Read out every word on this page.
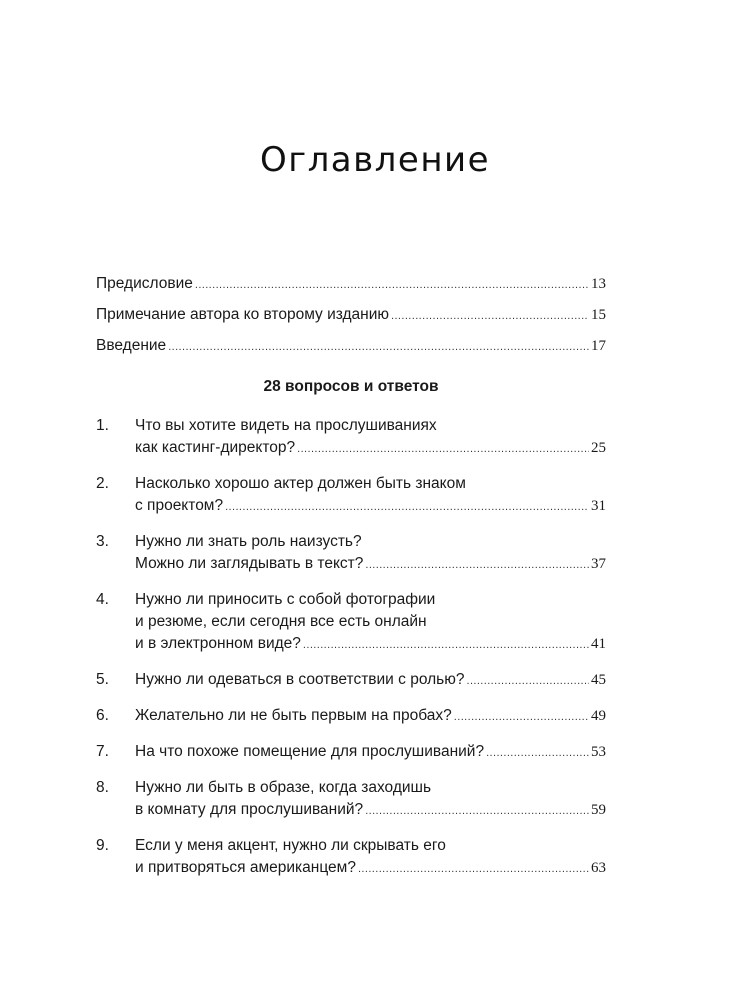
Оглавление
Предисловие .....	13
Примечание автора ко второму изданию .....	15
Введение .....	17
28 вопросов и ответов
1.	Что вы хотите видеть на прослушиваниях
как кастинг-директор? .....	25
2.	Насколько хорошо актер должен быть знаком
с проектом? .....	31
3.	Нужно ли знать роль наизусть?
Можно ли заглядывать в текст? .....	37
4.	Нужно ли приносить с собой фотографии
и резюме, если сегодня все есть онлайн
и в электронном виде? .....	41
5.	Нужно ли одеваться в соответствии с ролью? .....	45
6.	Желательно ли не быть первым на пробах? .....	49
7.	На что похоже помещение для прослушиваний? .....	53
8.	Нужно ли быть в образе, когда заходишь
в комнату для прослушиваний? .....	59
9.	Если у меня акцент, нужно ли скрывать его
и притворяться американцем? .....	63
